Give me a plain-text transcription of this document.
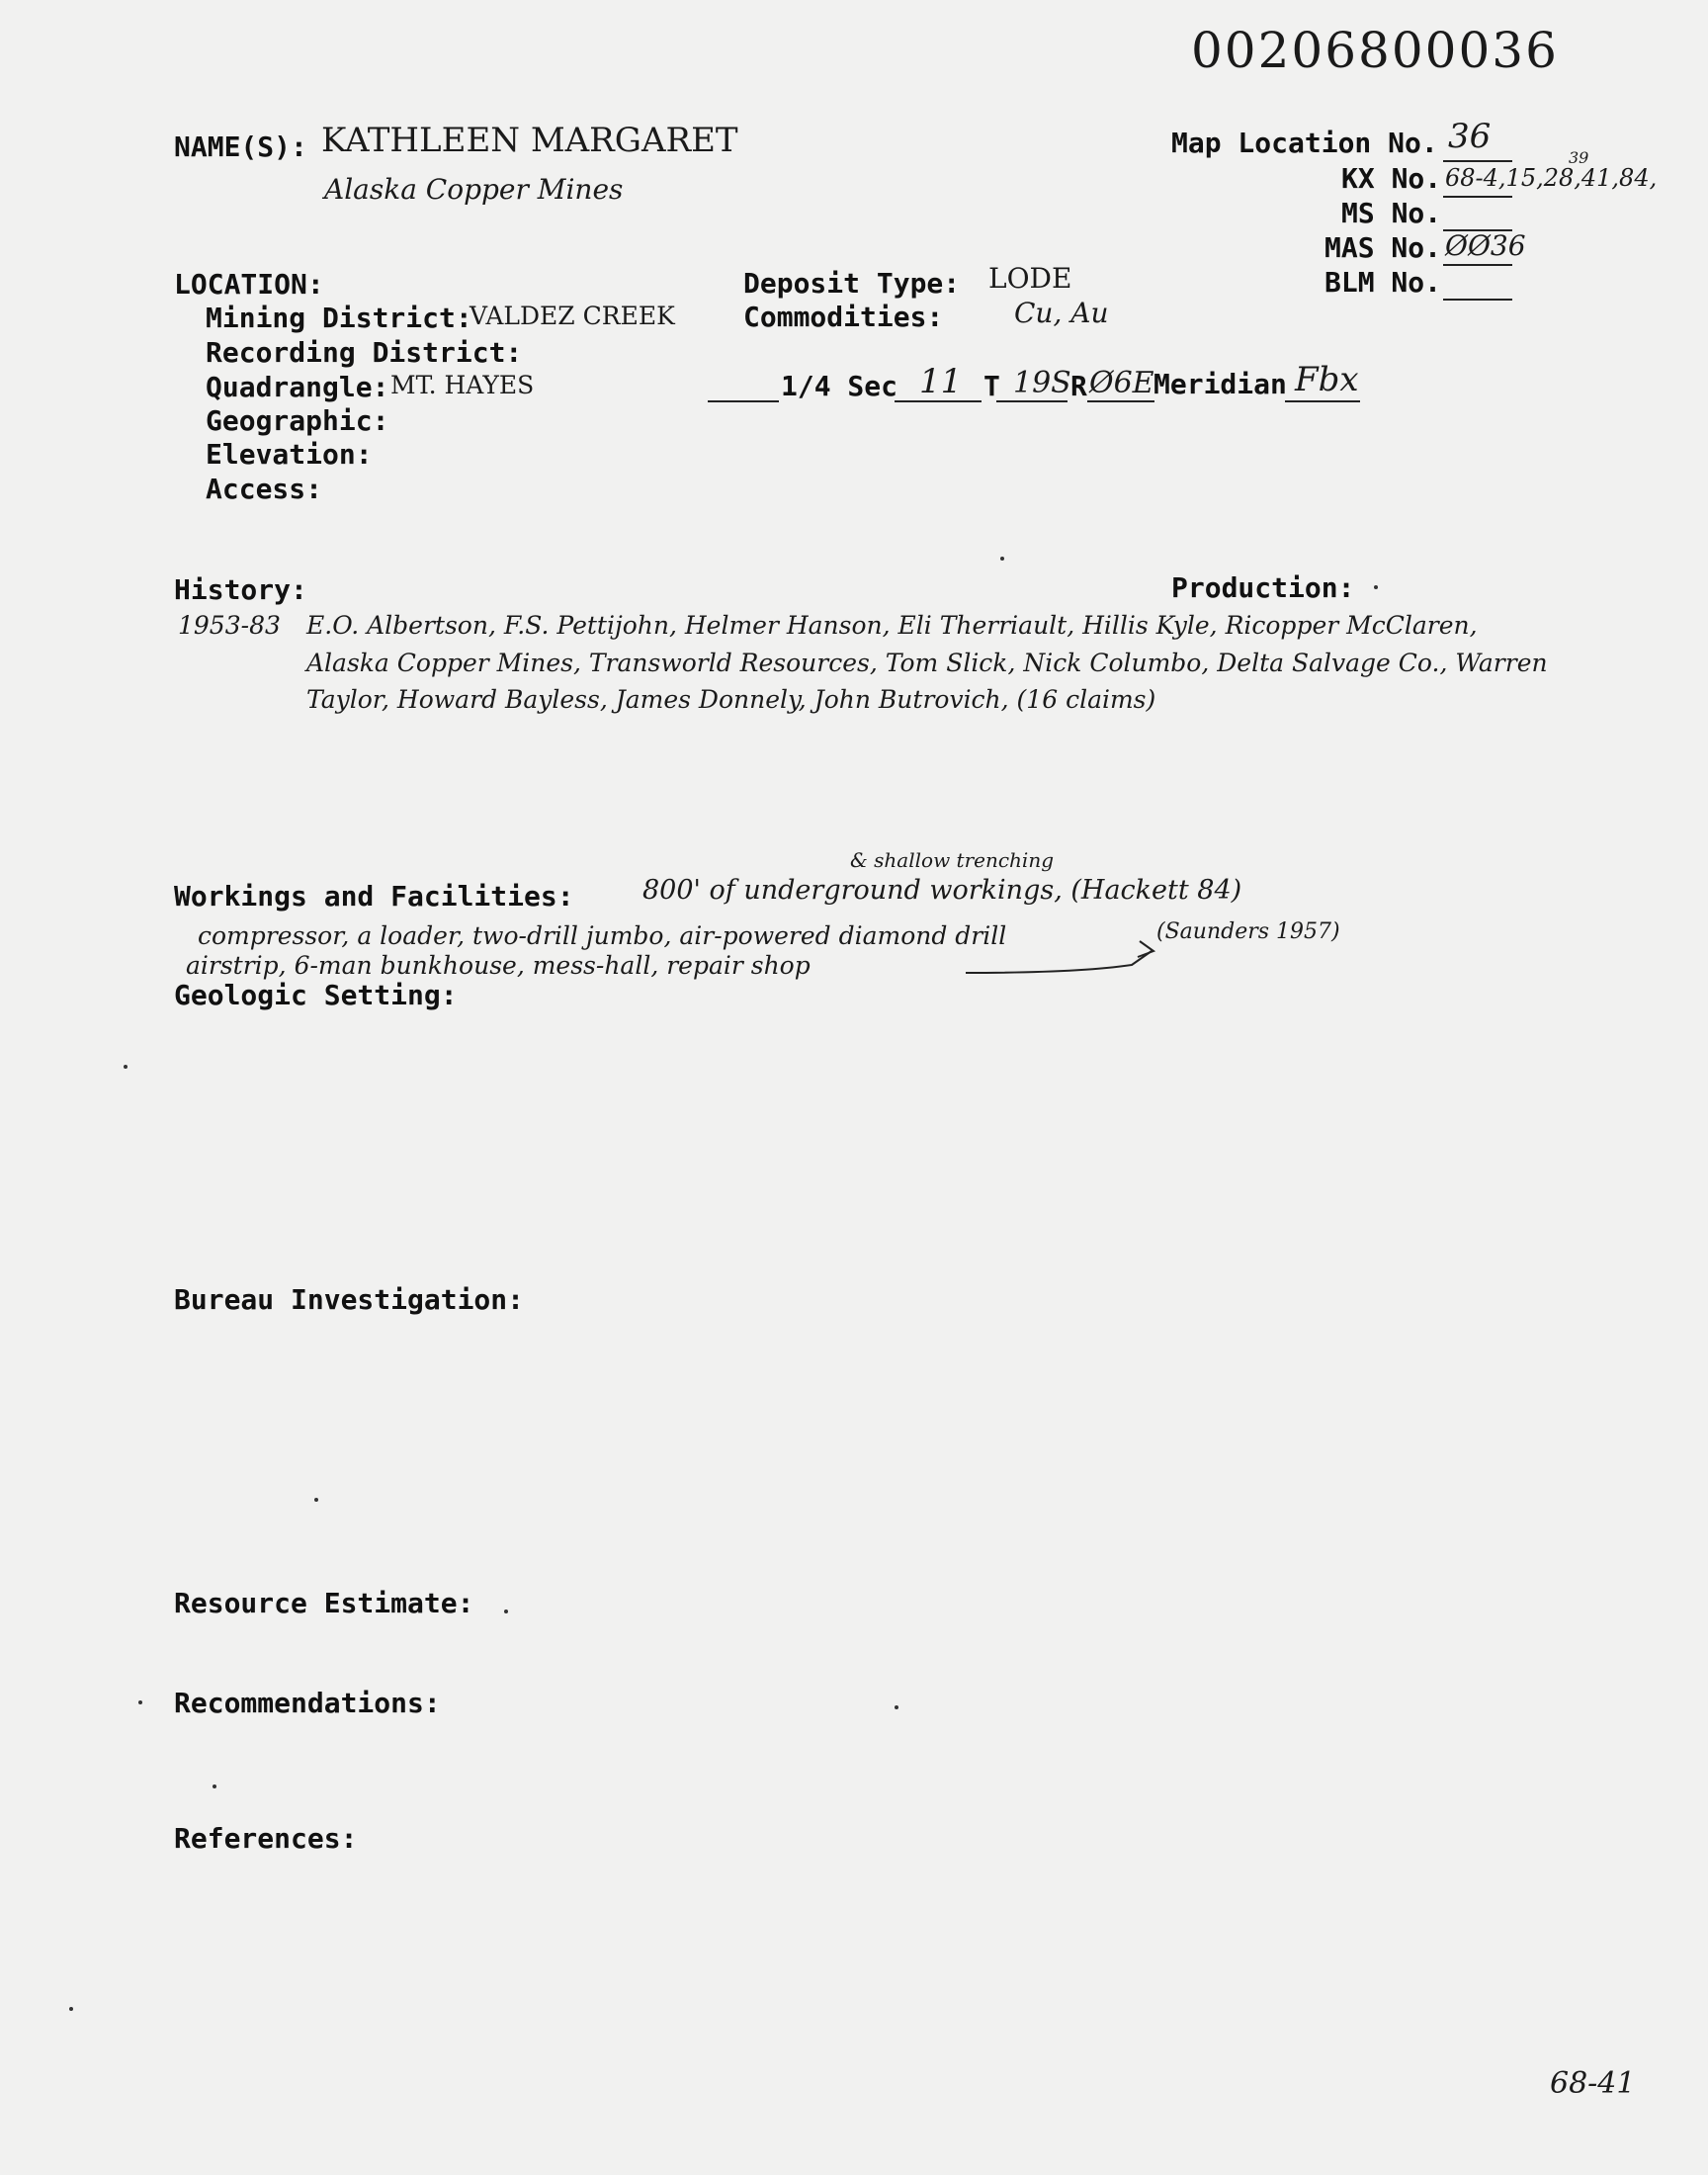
00206800036
NAME(S): KATHLEEN MARGARET
Alaska Copper Mines
Map Location No. 36
KX No. 68-4,15,28,41,84,
39
MS No.
MAS No. ØØ36
BLM No.
LOCATION:
Mining District:
VALDEZ CREEK
Recording District:
Quadrangle: MT. HAYES
Geographic:
Elevation:
Access:
Deposit Type: LODE
Commodities:	Cu, Au
1/4 Sec 11 T 19S R Ø6E Meridian Fbx
History:	Production:
1953-83 E.O. Albertson, F.S. Pettijohn, Helmer Hanson, Eli Therriault, Hillis Kyle, Ricopper McClaren,
Alaska Copper Mines, Transworld Resources, Tom Slick, Nick Columbo, Delta Salvage Co., Warren
Taylor, Howard Bayless, James Donnely, John Butrovich, (16 claims)
Workings and Facilities:
& shallow trenching
800' of underground workings, (Hackett 84)
compressor, a loader, two-drill jumbo, air-powered diamond drill	(Saunders 1957)
airstrip, 6-man bunkhouse, mess-hall, repair shop
Geologic Setting:
Bureau Investigation:
Resource Estimate:
Recommendations:
References:
68-41
